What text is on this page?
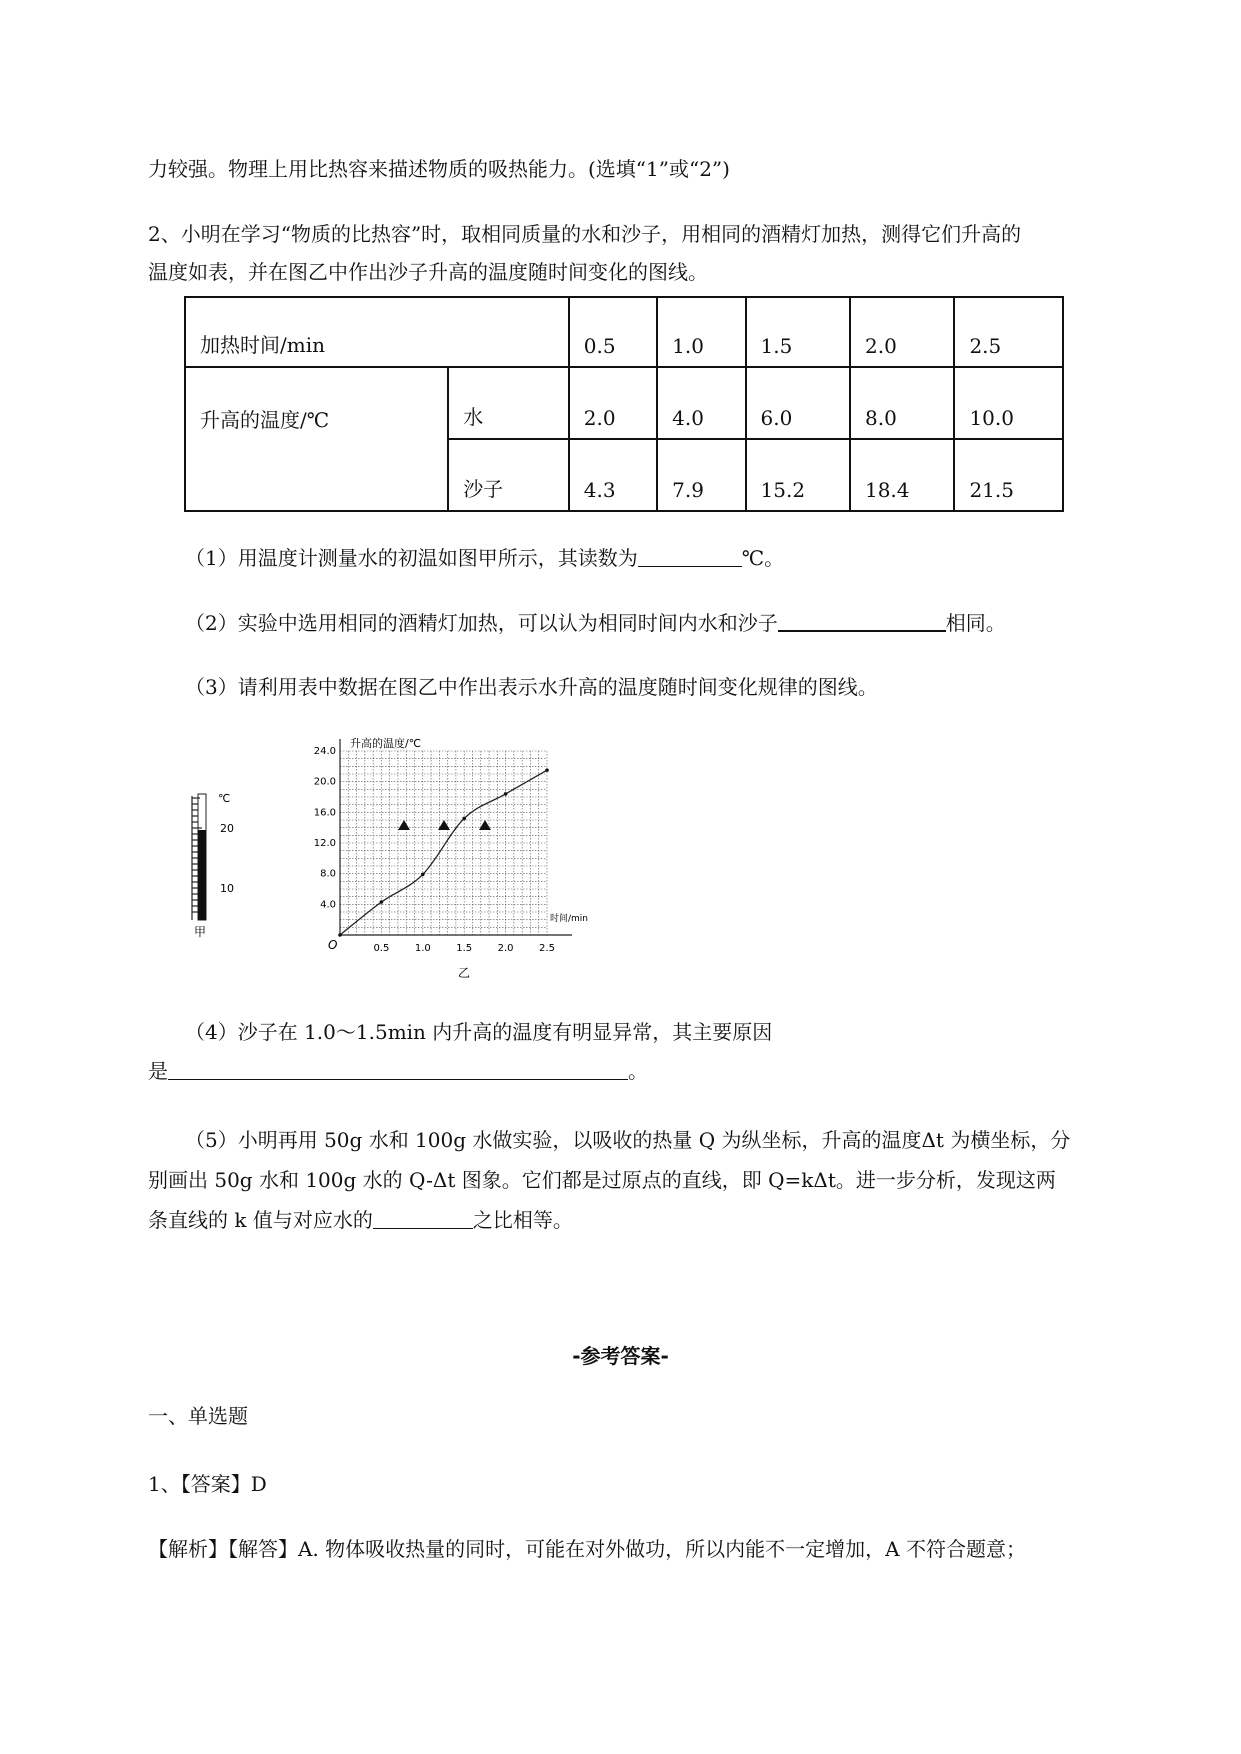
力较强。物理上用比热容来描述物质的吸热能力。(选填“1”或“2”)
2、小明在学习“物质的比热容”时，取相同质量的水和沙子，用相同的酒精灯加热，测得它们升高的
温度如表，并在图乙中作出沙子升高的温度随时间变化的图线。
加热时间/min		0.5	1.0	1.5	2.0	2.5
升高的温度/℃	水	2.0	4.0	6.0	8.0	10.0
	沙子	4.3	7.9	15.2	18.4	21.5
（1）用温度计测量水的初温如图甲所示，其读数为	℃。
（2）实验中选用相同的酒精灯加热，可以认为相同时间内水和沙子	相同。
（3）请利用表中数据在图乙中作出表示水升高的温度随时间变化规律的图线。
℃
20
10
甲
0.5	1.0	1.5	2.0	2.5
4.0
8.0
12.0
16.0
20.0
24.0
升高的温度/℃
时间/min
O
乙
（4）沙子在 1.0～1.5min 内升高的温度有明显异常，其主要原因
是	。
（5）小明再用 50g 水和 100g 水做实验，以吸收的热量 Q 为纵坐标，升高的温度Δt 为横坐标，分
别画出 50g 水和 100g 水的 Q-Δt 图象。它们都是过原点的直线，即 Q=kΔt。进一步分析，发现这两
条直线的 k 值与对应水的	之比相等。
-参考答案-
一、单选题
1、【答案】D
【解析】【解答】A. 物体吸收热量的同时，可能在对外做功，所以内能不一定增加，A 不符合题意；
